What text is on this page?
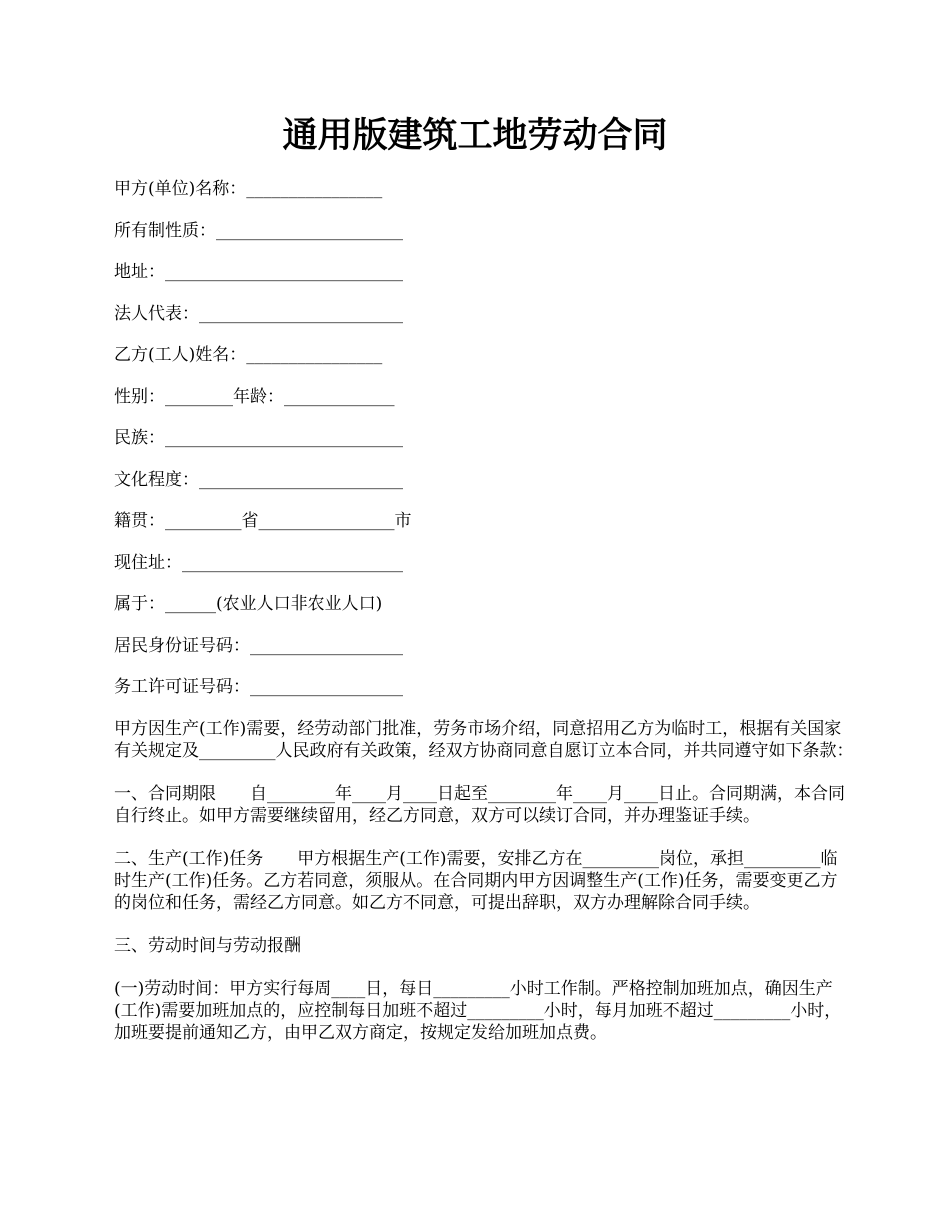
通用版建筑工地劳动合同
甲方(单位)名称：________________
所有制性质：______________________
地址：____________________________
法人代表：________________________
乙方(工人)姓名：________________
性别：________年龄：_____________
民族：____________________________
文化程度：________________________
籍贯：_________省________________市
现住址：__________________________
属于：______(农业人口非农业人口)
居民身份证号码：__________________
务工许可证号码：__________________

甲方因生产(工作)需要，经劳动部门批准，劳务市场介绍，同意招用乙方为临时工，根据有关国家有关规定及_________人民政府有关政策，经双方协商同意自愿订立本合同，并共同遵守如下条款：

一、合同期限　　自________年____月____日起至________年____月____日止。合同期满，本合同自行终止。如甲方需要继续留用，经乙方同意，双方可以续订合同，并办理鉴证手续。

二、生产(工作)任务　　甲方根据生产(工作)需要，安排乙方在_________岗位，承担_________临时生产(工作)任务。乙方若同意，须服从。在合同期内甲方因调整生产(工作)任务，需要变更乙方的岗位和任务，需经乙方同意。如乙方不同意，可提出辞职，双方办理解除合同手续。

三、劳动时间与劳动报酬

(一)劳动时间：甲方实行每周____日，每日_________小时工作制。严格控制加班加点，确因生产(工作)需要加班加点的，应控制每日加班不超过_________小时，每月加班不超过_________小时，加班要提前通知乙方，由甲乙双方商定，按规定发给加班加点费。
